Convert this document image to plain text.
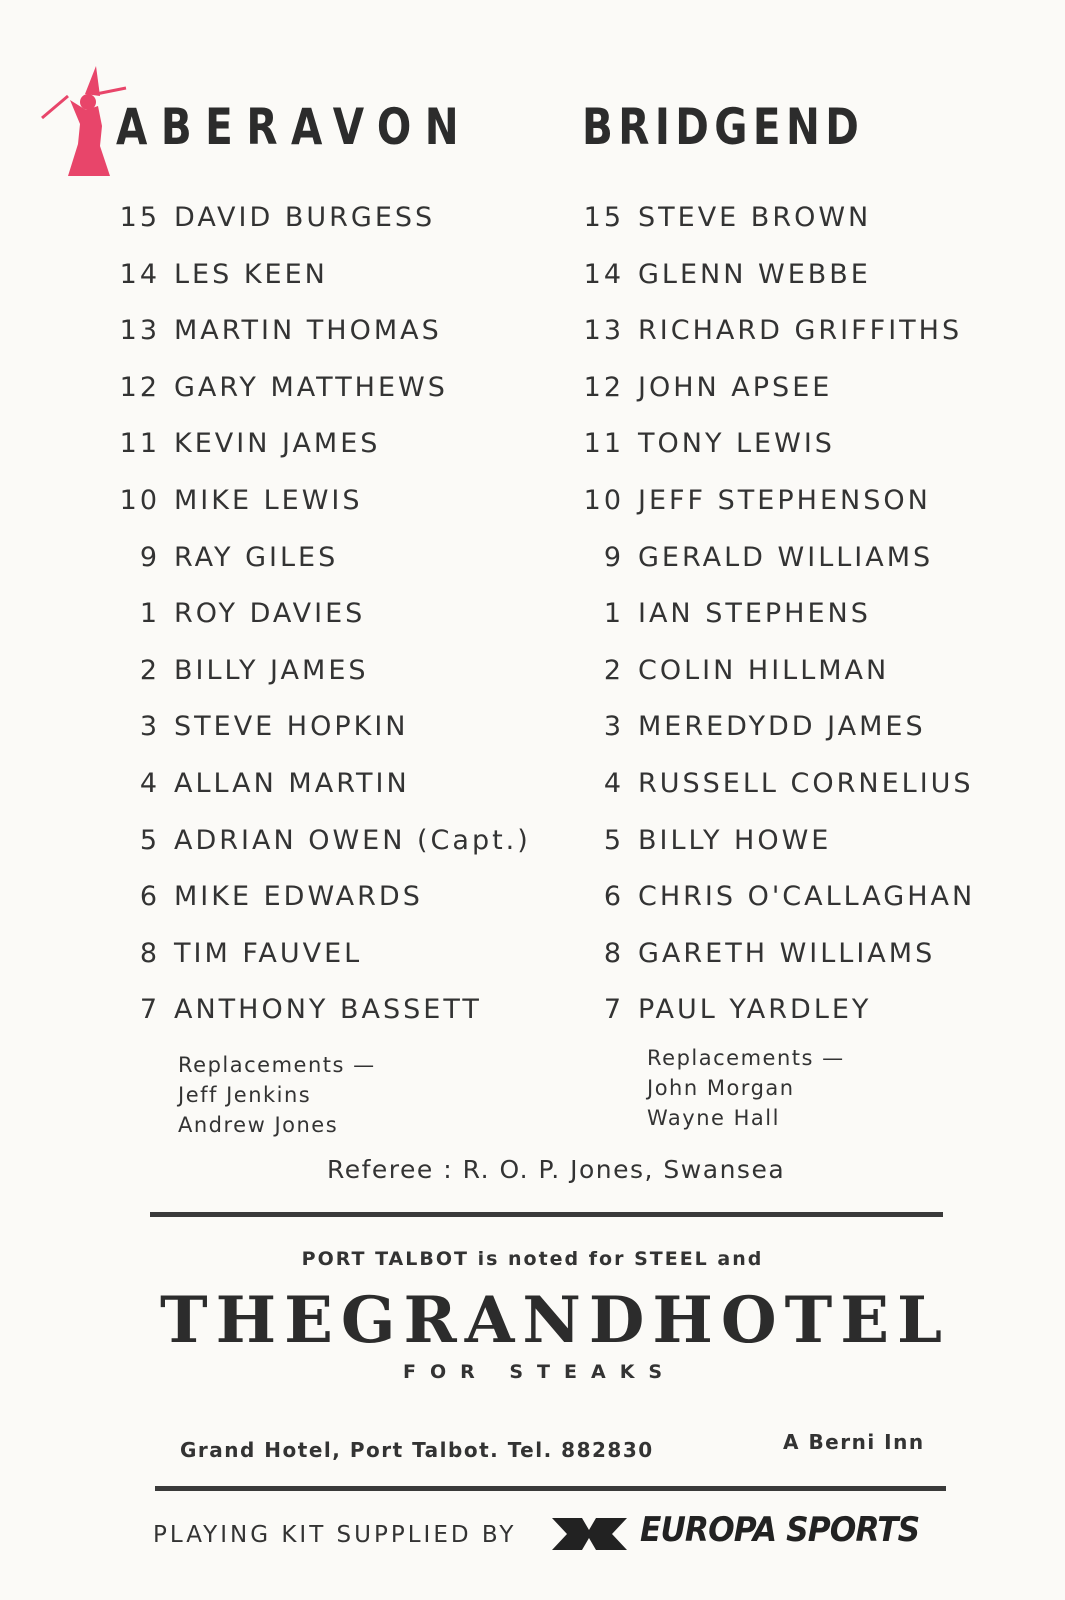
ABERAVON BRIDGEND
15 DAVID BURGESS
14 LES KEEN
13 MARTIN THOMAS
12 GARY MATTHEWS
11 KEVIN JAMES
10 MIKE LEWIS
9 RAY GILES
1 ROY DAVIES
2 BILLY JAMES
3 STEVE HOPKIN
4 ALLAN MARTIN
5 ADRIAN OWEN (Capt.)
6 MIKE EDWARDS
8 TIM FAUVEL
7 ANTHONY BASSETT
15 STEVE BROWN
14 GLENN WEBBE
13 RICHARD GRIFFITHS
12 JOHN APSEE
11 TONY LEWIS
10 JEFF STEPHENSON
9 GERALD WILLIAMS
1 IAN STEPHENS
2 COLIN HILLMAN
3 MEREDYDD JAMES
4 RUSSELL CORNELIUS
5 BILLY HOWE
6 CHRIS O'CALLAGHAN
8 GARETH WILLIAMS
7 PAUL YARDLEY
Replacements —
Jeff Jenkins
Andrew Jones
Replacements —
John Morgan
Wayne Hall
Referee : R. O. P. Jones, Swansea
PORT TALBOT is noted for STEEL and
THE GRAND HOTEL
FOR STEAKS
Grand Hotel, Port Talbot. Tel. 882830	A Berni Inn
PLAYING KIT SUPPLIED BY	EUROPA SPORTS
